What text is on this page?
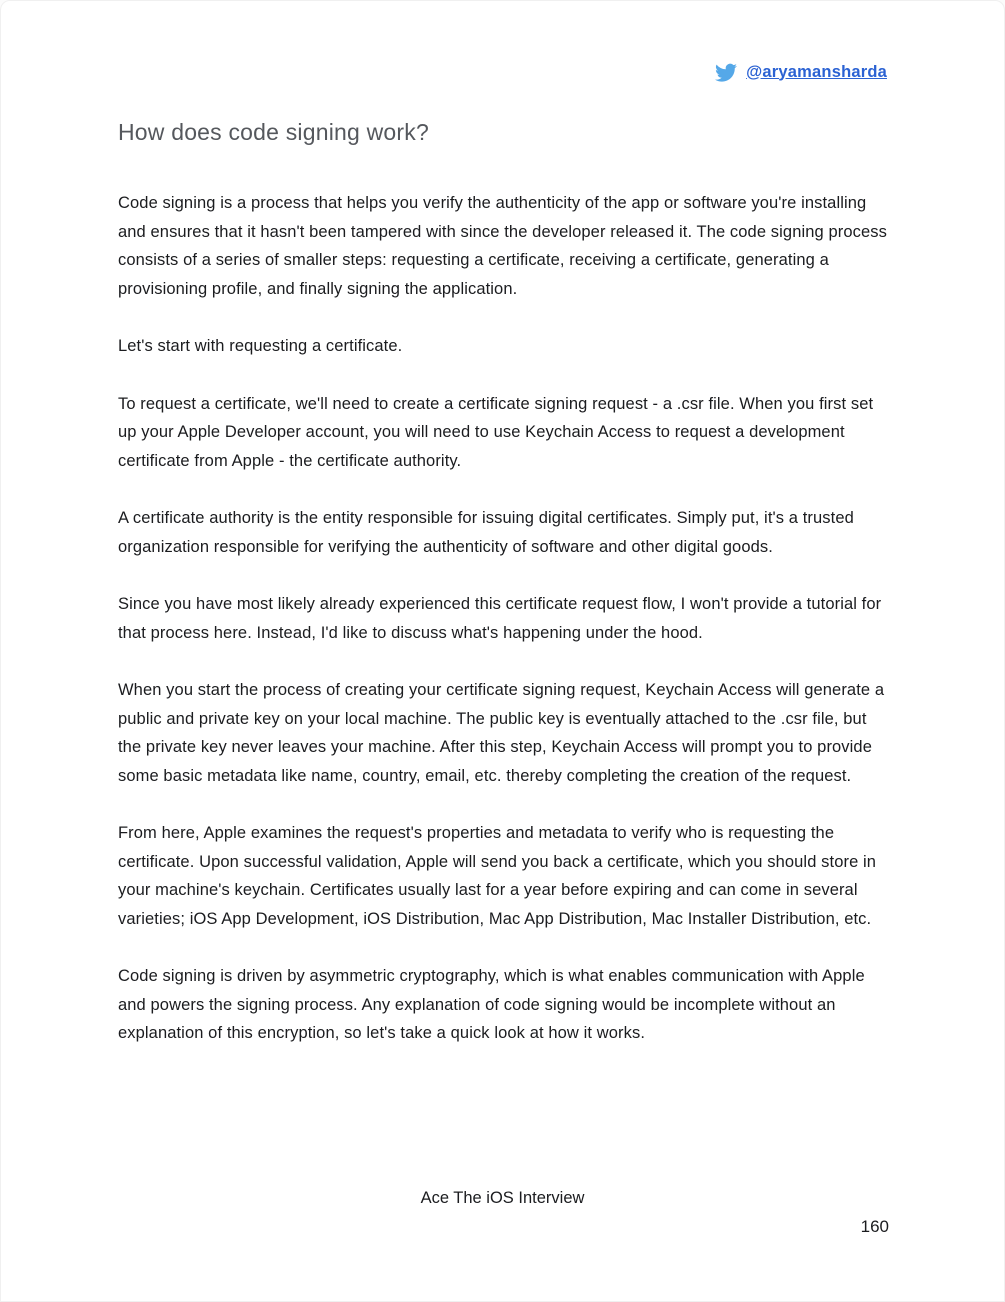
@aryamansharda
How does code signing work?

Code signing is a process that helps you verify the authenticity of the app or software you're installing and ensures that it hasn't been tampered with since the developer released it. The code signing process consists of a series of smaller steps: requesting a certificate, receiving a certificate, generating a provisioning profile, and finally signing the application.

Let's start with requesting a certificate.

To request a certificate, we'll need to create a certificate signing request - a .csr file. When you first set up your Apple Developer account, you will need to use Keychain Access to request a development certificate from Apple - the certificate authority.

A certificate authority is the entity responsible for issuing digital certificates. Simply put, it's a trusted organization responsible for verifying the authenticity of software and other digital goods.

Since you have most likely already experienced this certificate request flow, I won't provide a tutorial for that process here. Instead, I'd like to discuss what's happening under the hood.

When you start the process of creating your certificate signing request, Keychain Access will generate a public and private key on your local machine. The public key is eventually attached to the .csr file, but the private key never leaves your machine. After this step, Keychain Access will prompt you to provide some basic metadata like name, country, email, etc. thereby completing the creation of the request.

From here, Apple examines the request's properties and metadata to verify who is requesting the certificate. Upon successful validation, Apple will send you back a certificate, which you should store in your machine's keychain. Certificates usually last for a year before expiring and can come in several varieties; iOS App Development, iOS Distribution, Mac App Distribution, Mac Installer Distribution, etc.

Code signing is driven by asymmetric cryptography, which is what enables communication with Apple and powers the signing process. Any explanation of code signing would be incomplete without an explanation of this encryption, so let's take a quick look at how it works.

Ace The iOS Interview
160
